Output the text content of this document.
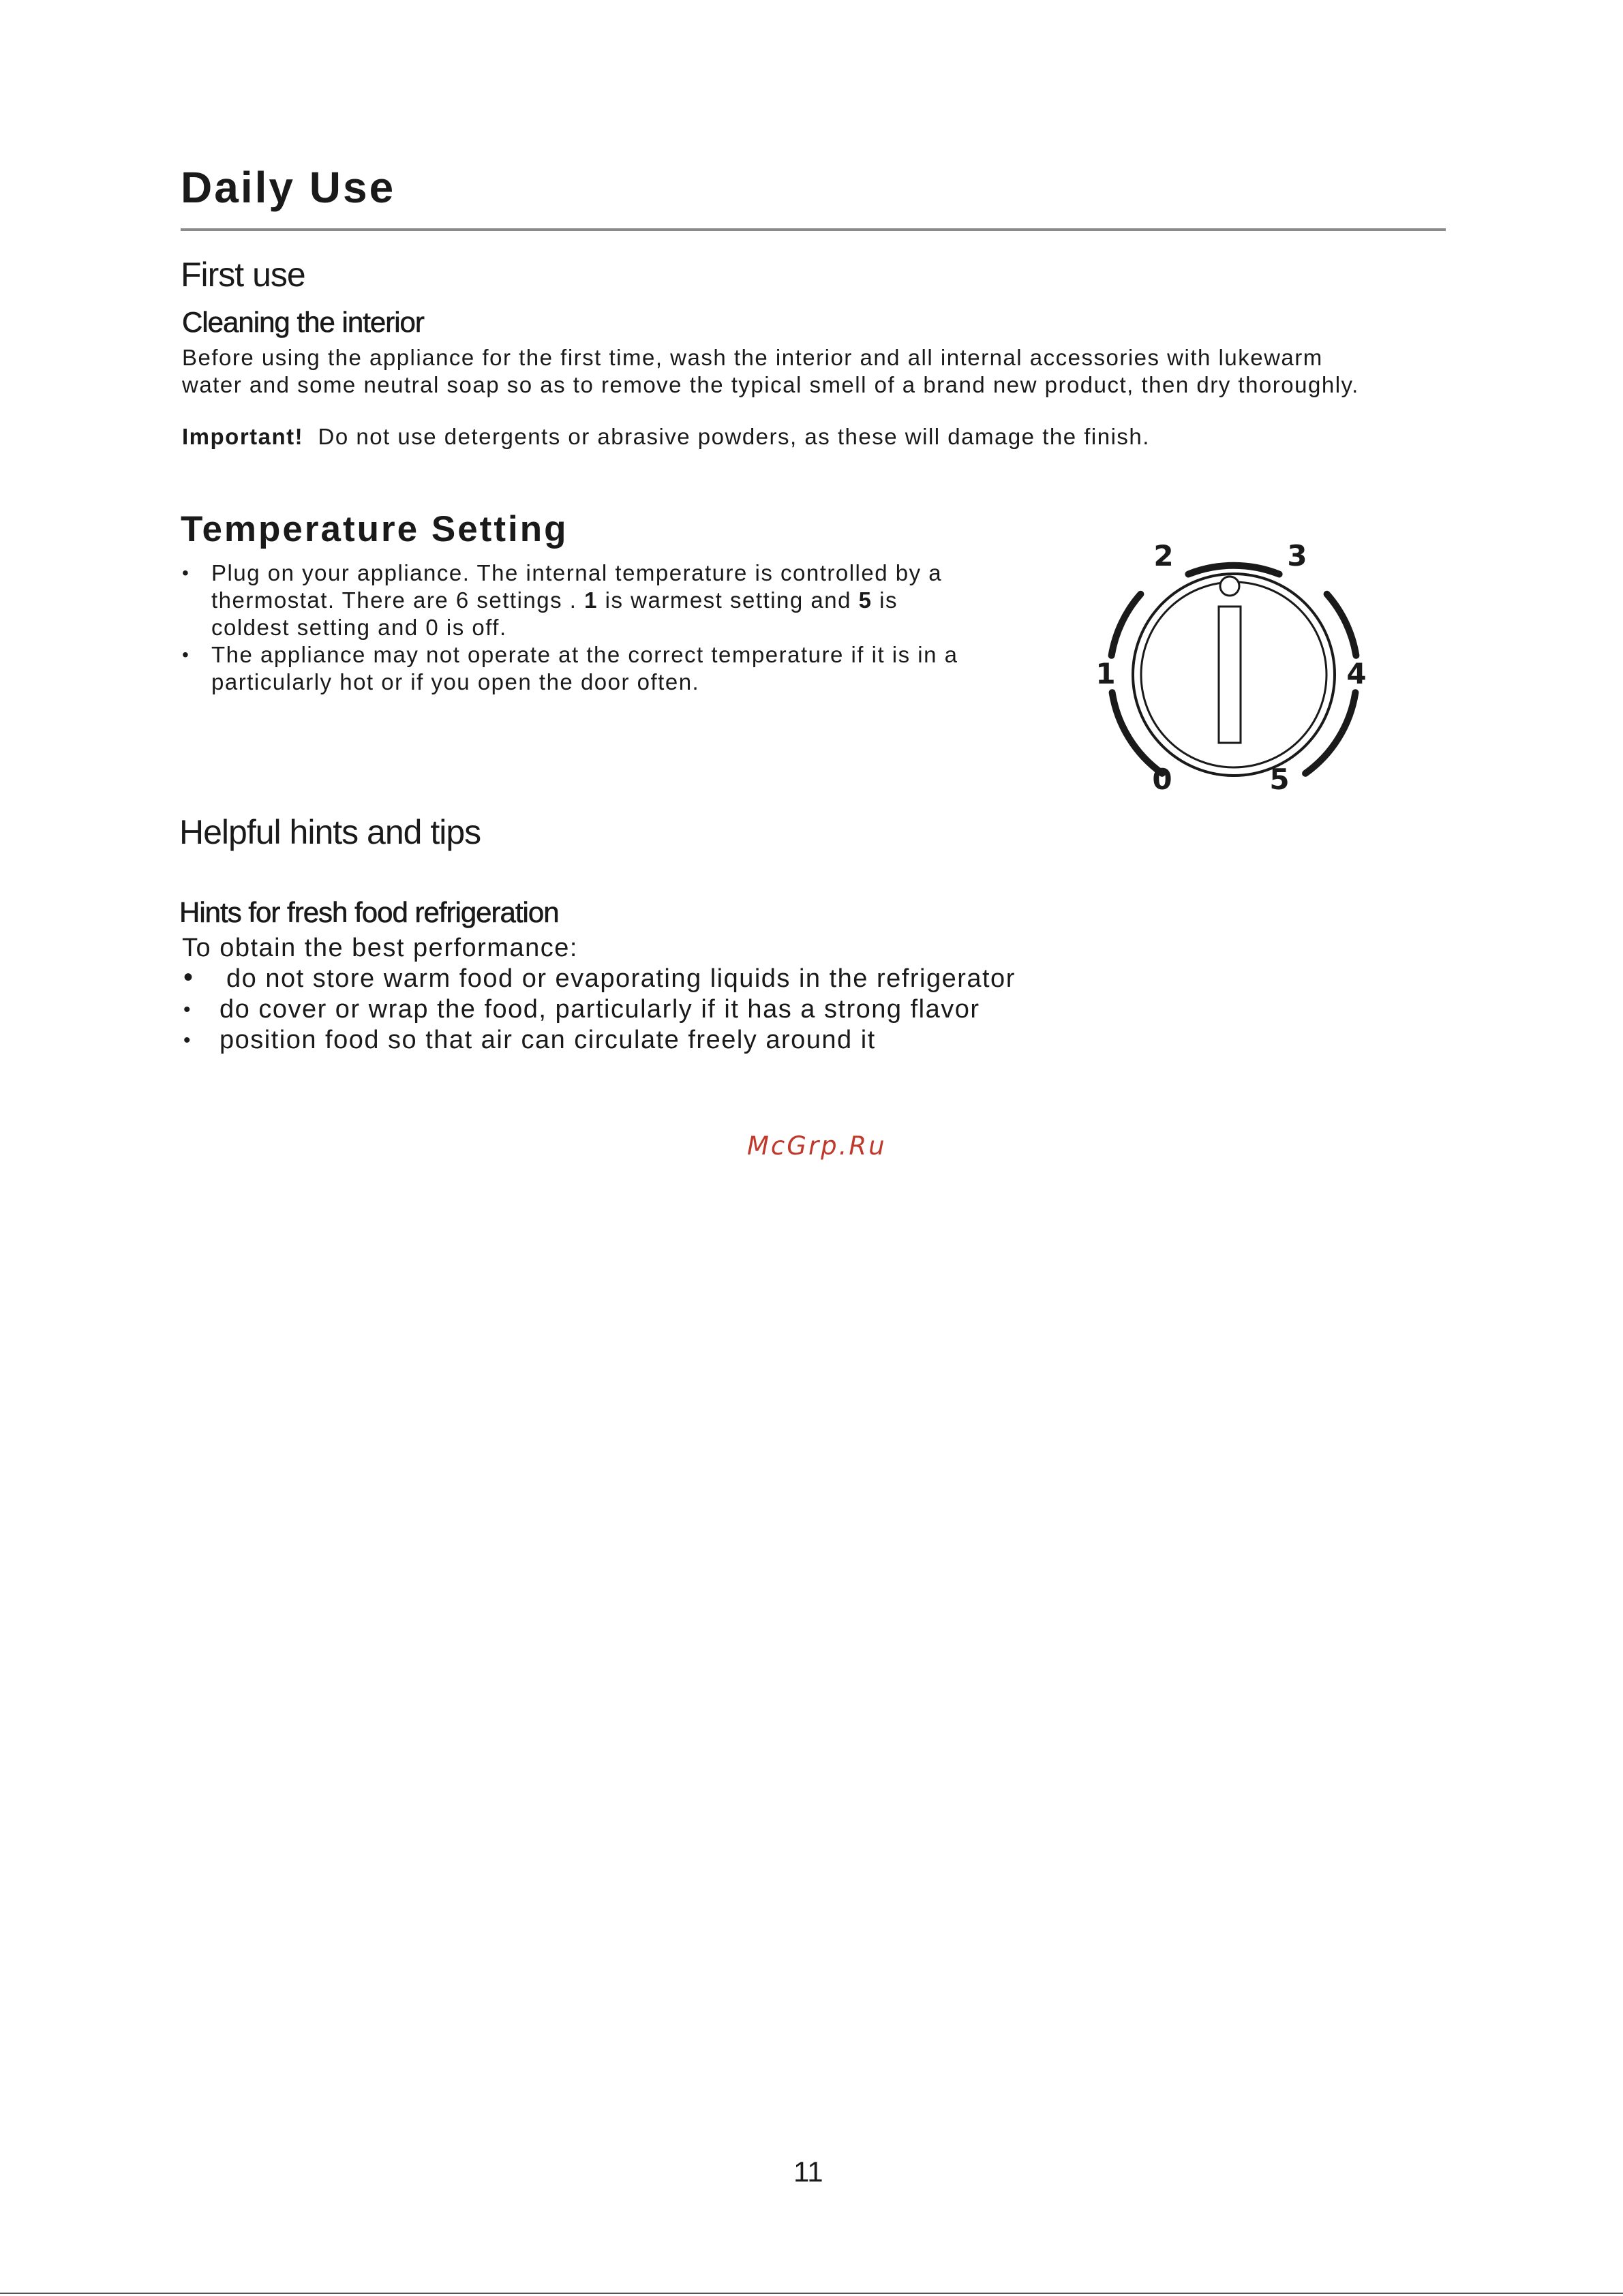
Daily Use
First use
Cleaning the interior

Before using the appliance for the first time, wash the interior and all internal accessories with lukewarm

water and some neutral soap so as to remove the typical smell of a brand new product, then dry thoroughly.

Important! Do not use detergents or abrasive powders, as these will damage the finish.

Temperature Setting
• Plug on your appliance. The internal temperature is controlled by a
thermostat. There are 6 settings . 1 is warmest setting and 5 is
coldest setting and 0 is off.
• The appliance may not operate at the correct temperature if it is in a
particularly hot or if you open the door often.
0
1
2	3
4
5
Helpful hints and tips
Hints for fresh food refrigeration
To obtain the best performance:
• do not store warm food or evaporating liquids in the refrigerator
• do cover or wrap the food, particularly if it has a strong flavor
• position food so that air can circulate freely around it
McGrp.Ru
11
